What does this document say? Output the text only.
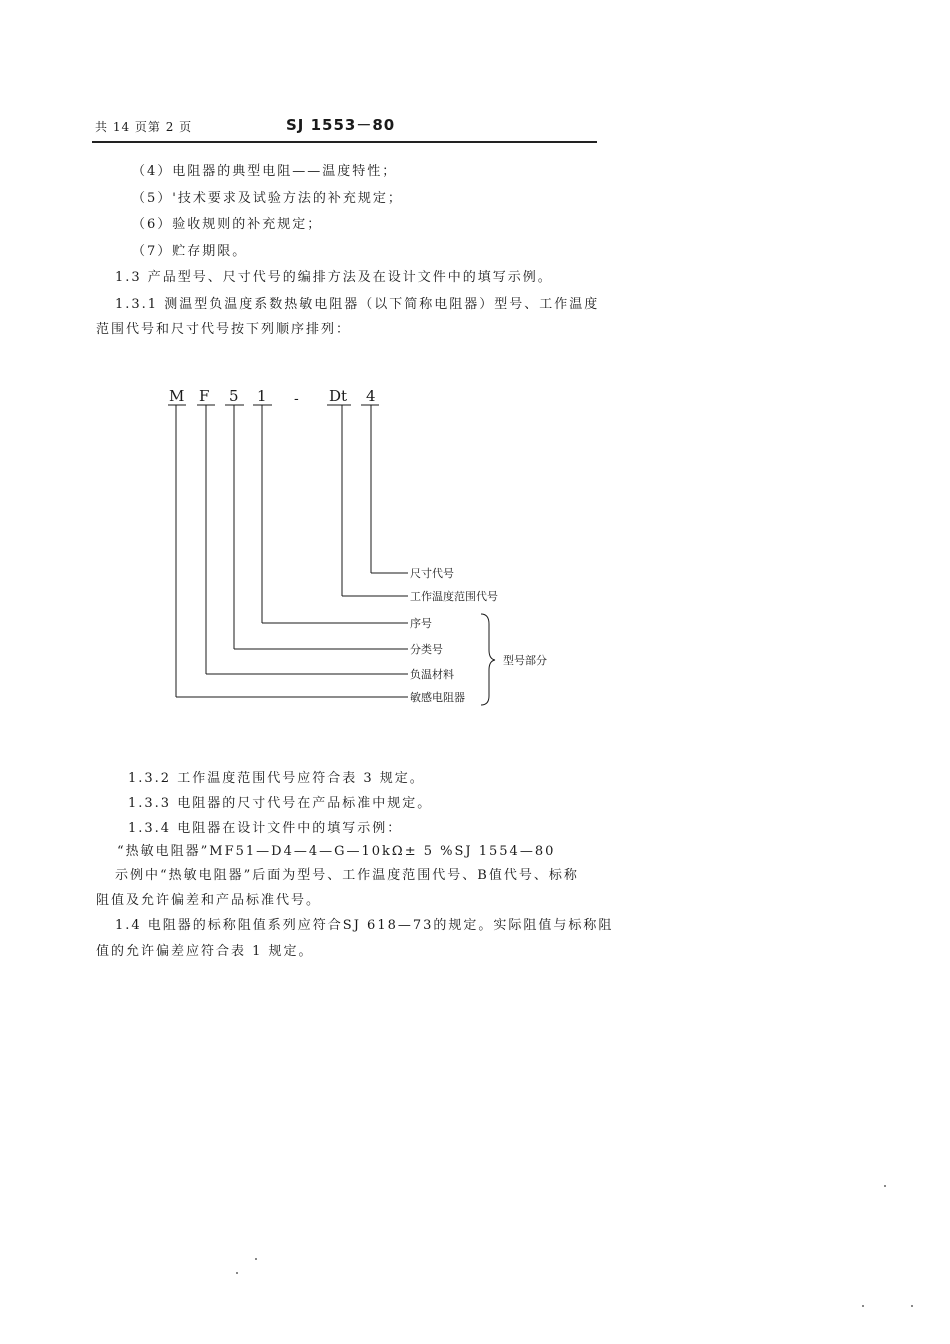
共 14 页第 2 页	SJ 1553－80
（4）电阻器的典型电阻——温度特性；
（5）'技术要求及试验方法的补充规定；
（6）验收规则的补充规定；
（7）贮存期限。
1.3 产品型号、尺寸代号的编排方法及在设计文件中的填写示例。
1.3.1 测温型负温度系数热敏电阻器（以下简称电阻器）型号、工作温度
范围代号和尺寸代号按下列顺序排列：
M F 5 1 - Dt 4
尺寸代号
工作温度范围代号
序号
分类号
负温材料
敏感电阻器
型号部分
1.3.2 工作温度范围代号应符合表 3 规定。
1.3.3 电阻器的尺寸代号在产品标准中规定。
1.3.4 电阻器在设计文件中的填写示例：
“热敏电阻器”MF51—D4—4—G—10kΩ± 5 %SJ 1554—80
示例中“热敏电阻器”后面为型号、工作温度范围代号、B值代号、标称
阻值及允许偏差和产品标准代号。
1.4 电阻器的标称阻值系列应符合SJ 618—73的规定。实际阻值与标称阻
值的允许偏差应符合表 1 规定。
